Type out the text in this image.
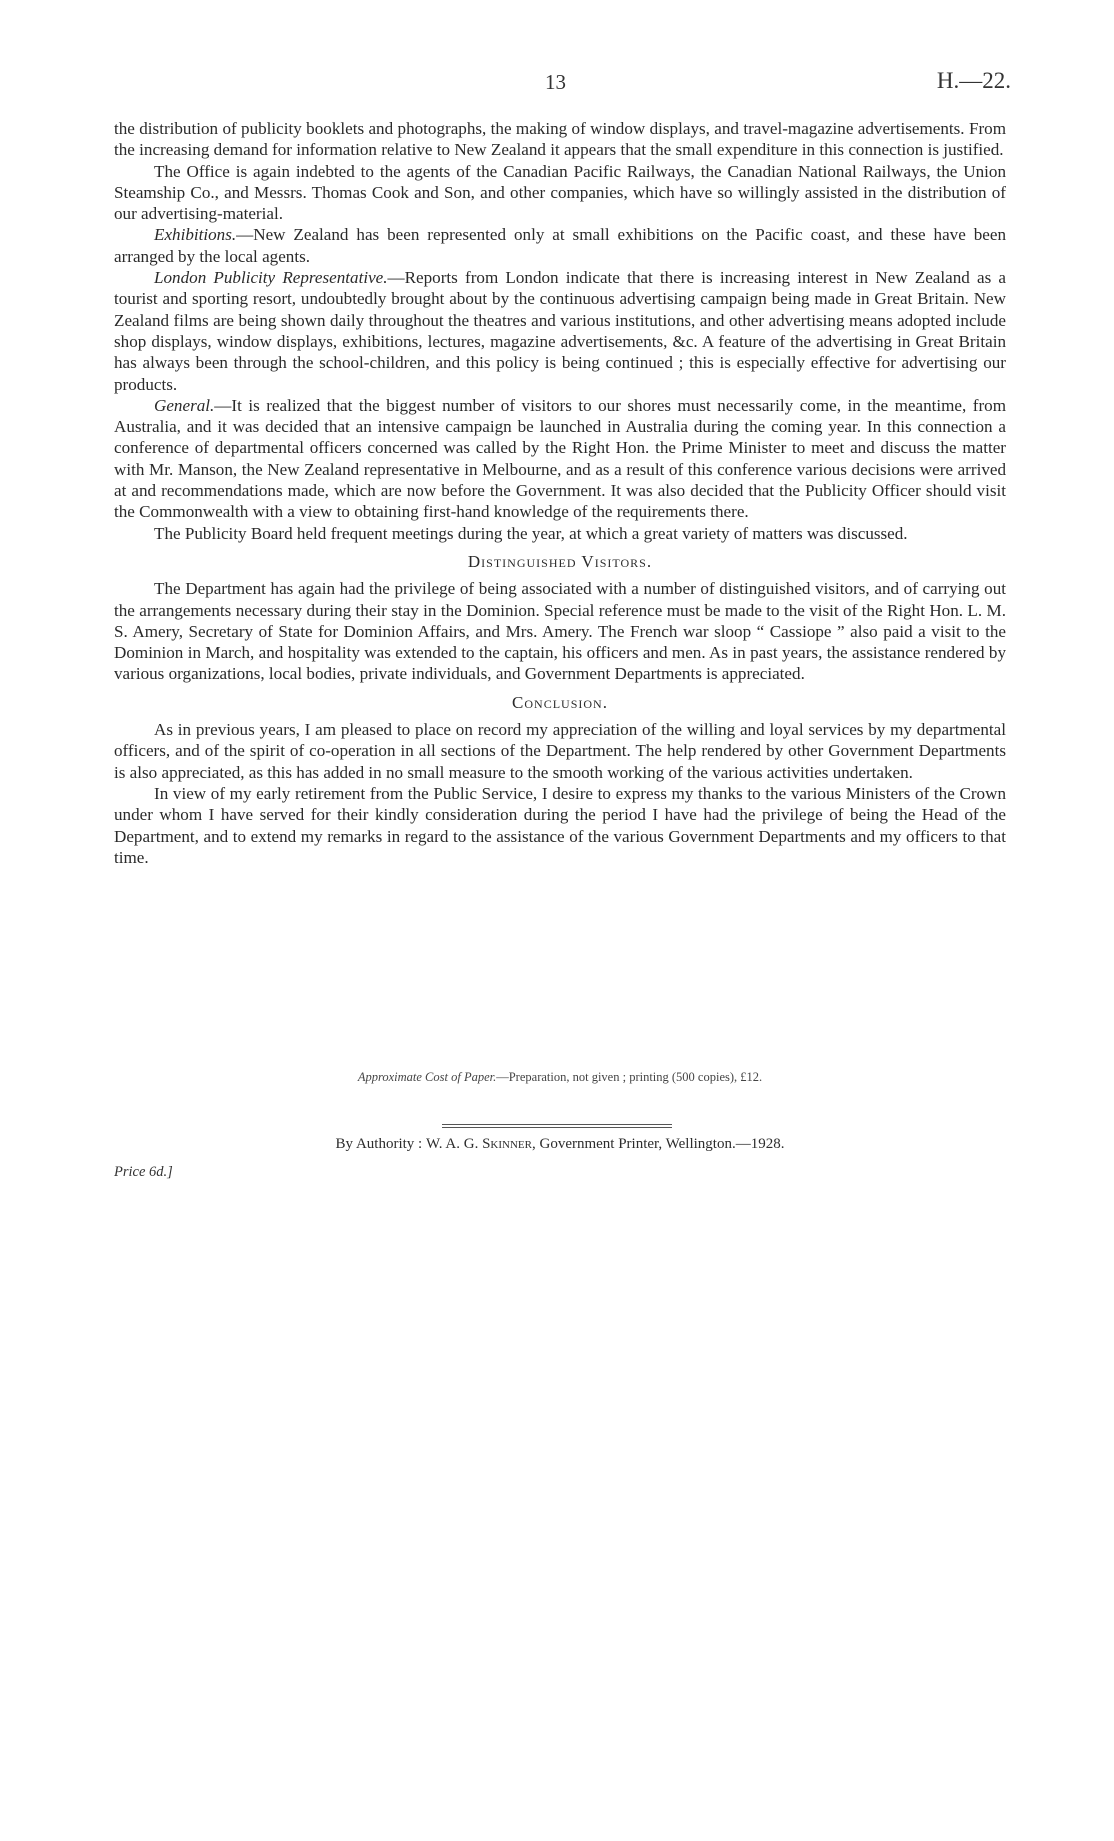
13	H.—22.

the distribution of publicity booklets and photographs, the making of window displays, and travel-magazine advertisements. From the increasing demand for information relative to New Zealand it appears that the small expenditure in this connection is justified.

The Office is again indebted to the agents of the Canadian Pacific Railways, the Canadian National Railways, the Union Steamship Co., and Messrs. Thomas Cook and Son, and other companies, which have so willingly assisted in the distribution of our advertising-material.

Exhibitions.—New Zealand has been represented only at small exhibitions on the Pacific coast, and these have been arranged by the local agents.

London Publicity Representative.—Reports from London indicate that there is increasing interest in New Zealand as a tourist and sporting resort, undoubtedly brought about by the continuous advertising campaign being made in Great Britain. New Zealand films are being shown daily throughout the theatres and various institutions, and other advertising means adopted include shop displays, window displays, exhibitions, lectures, magazine advertisements, &c. A feature of the advertising in Great Britain has always been through the school-children, and this policy is being continued ; this is especially effective for advertising our products.

General.—It is realized that the biggest number of visitors to our shores must necessarily come, in the meantime, from Australia, and it was decided that an intensive campaign be launched in Australia during the coming year. In this connection a conference of departmental officers concerned was called by the Right Hon. the Prime Minister to meet and discuss the matter with Mr. Manson, the New Zealand representative in Melbourne, and as a result of this conference various decisions were arrived at and recommendations made, which are now before the Government. It was also decided that the Publicity Officer should visit the Commonwealth with a view to obtaining first-hand knowledge of the requirements there.

The Publicity Board held frequent meetings during the year, at which a great variety of matters was discussed.

Distinguished Visitors.

The Department has again had the privilege of being associated with a number of distinguished visitors, and of carrying out the arrangements necessary during their stay in the Dominion. Special reference must be made to the visit of the Right Hon. L. M. S. Amery, Secretary of State for Dominion Affairs, and Mrs. Amery. The French war sloop “ Cassiope ” also paid a visit to the Dominion in March, and hospitality was extended to the captain, his officers and men. As in past years, the assistance rendered by various organizations, local bodies, private individuals, and Government Departments is appreciated.

Conclusion.

As in previous years, I am pleased to place on record my appreciation of the willing and loyal services by my departmental officers, and of the spirit of co-operation in all sections of the Department. The help rendered by other Government Departments is also appreciated, as this has added in no small measure to the smooth working of the various activities undertaken.

In view of my early retirement from the Public Service, I desire to express my thanks to the various Ministers of the Crown under whom I have served for their kindly consideration during the period I have had the privilege of being the Head of the Department, and to extend my remarks in regard to the assistance of the various Government Departments and my officers to that time.

Approximate Cost of Paper.—Preparation, not given ; printing (500 copies), £12.
By Authority : W. A. G. Skinner, Government Printer, Wellington.—1928.
Price 6d.]
